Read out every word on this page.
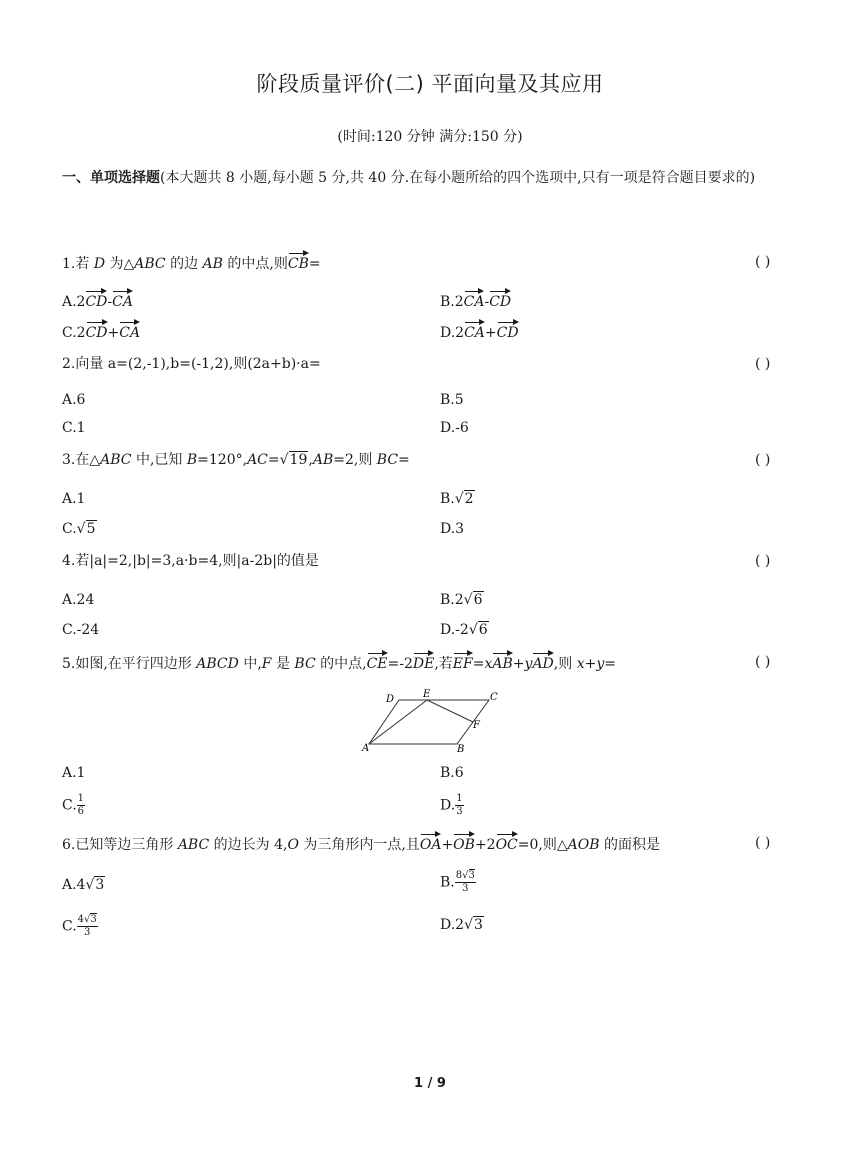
阶段质量评价(二) 平面向量及其应用
(时间:120 分钟 满分:150 分)
一、单项选择题(本大题共 8 小题,每小题 5 分,共 40 分.在每小题所给的四个选项中,只有一项是符合题目要求的)
1.若 D 为△ABC 的边 AB 的中点,则CB=	( )
A.2CD-CA	B.2CA-CD
C.2CD+CA	D.2CA+CD
2.向量 a=(2,-1),b=(-1,2),则(2a+b)·a=	( )
A.6	B.5
C.1	D.-6
3.在△ABC 中,已知 B=120°,AC=√19,AB=2,则 BC=	( )
A.1	B.√2
C.√5	D.3
4.若|a|=2,|b|=3,a·b=4,则|a-2b|的值是	( )
A.24	B.2√6
C.-24	D.-2√6
5.如图,在平行四边形 ABCD 中,F 是 BC 的中点,CE=-2DE,若EF=xAB+yAD,则 x+y=	( )
A	B
C
D	E
F
A.1	B.6
C. $\frac{1}{6}$	D. $\frac{1}{3}$
6.已知等边三角形 ABC 的边长为 4,O 为三角形内一点,且OA+OB+2OC=0,则△AOB 的面积是	( )
A.4√3	B. $\frac{8√3}{3}$
C. $\frac{4√3}{3}$	D.2√3
1 / 9
